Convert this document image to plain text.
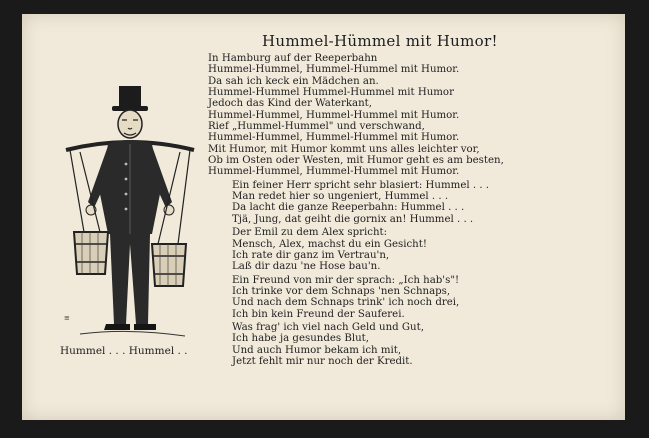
Hummel-Hümmel mit Humor!
≡
Hummel . . . Hummel . .
In Hamburg auf der Reeperbahn
Hummel-Hummel, Hummel-Hummel mit Humor.
Da sah ich keck ein Mädchen an.
Hummel-Hummel Hummel-Hummel mit Humor
Jedoch das Kind der Waterkant,
Hummel-Hummel, Hummel-Hummel mit Humor.
Rief „Hummel-Hummel" und verschwand,
Hummel-Hummel, Hummel-Hummel mit Humor.
Mit Humor, mit Humor kommt uns alles leichter vor,
Ob im Osten oder Westen, mit Humor geht es am besten,
Hummel-Hummel, Hummel-Hummel mit Humor.
Ein feiner Herr spricht sehr blasiert: Hummel . . .
Man redet hier so ungeniert, Hummel . . .
Da lacht die ganze Reeperbahn: Hummel . . .
Tjä, Jung, dat geiht die gornix an! Hummel . . .
Der Emil zu dem Alex spricht:
Mensch, Alex, machst du ein Gesicht!
Ich rate dir ganz im Vertrau'n,
Laß dir dazu 'ne Hose bau'n.
Ein Freund von mir der sprach: „Ich hab's"!
Ich trinke vor dem Schnaps 'nen Schnaps,
Und nach dem Schnaps trink' ich noch drei,
Ich bin kein Freund der Sauferei.
Was frag' ich viel nach Geld und Gut,
Ich habe ja gesundes Blut,
Und auch Humor bekam ich mit,
Jetzt fehlt mir nur noch der Kredit.
